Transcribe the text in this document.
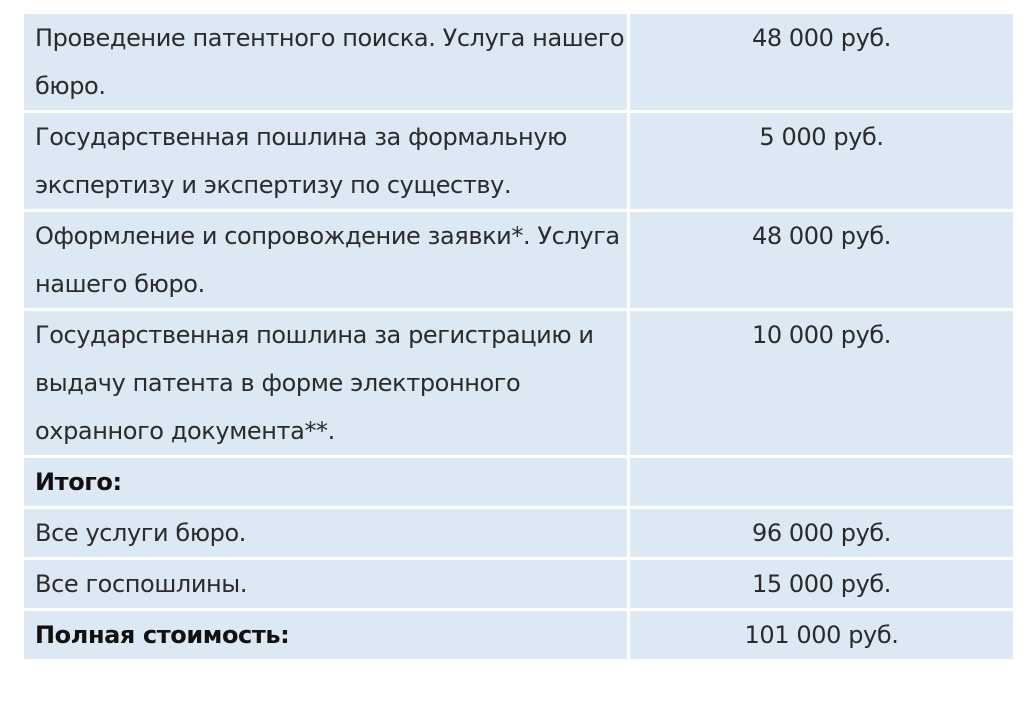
Проведение патентного поиска. Услуга нашего бюро.	48 000 руб.
Государственная пошлина за формальную экспертизу и экспертизу по существу.	5 000 руб.
Оформление и сопровождение заявки*. Услуга нашего бюро.	48 000 руб.
Государственная пошлина за регистрацию и выдачу патента в форме электронного охранного документа**.	10 000 руб.
Итого:	
Все услуги бюро.	96 000 руб.
Все госпошлины.	15 000 руб.
Полная стоимость:	101 000 руб.
